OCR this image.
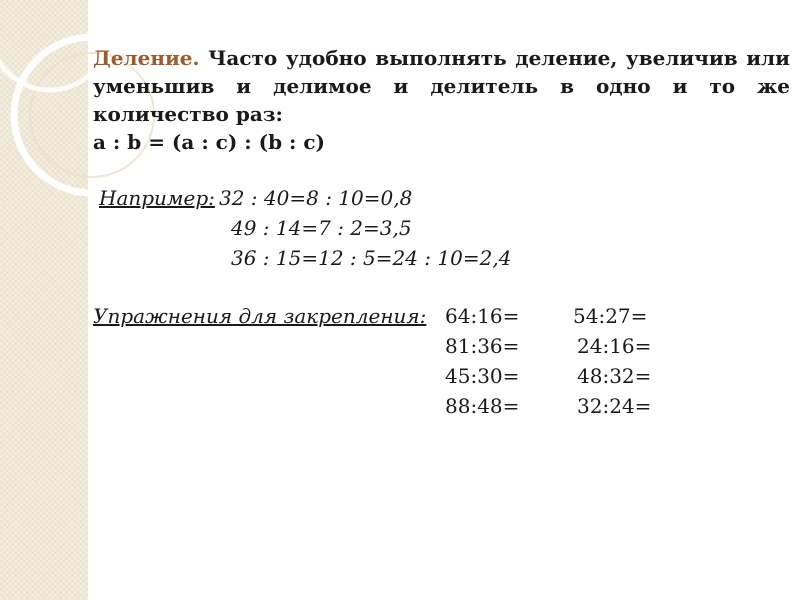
Деление. Часто удобно выполнять деление, увеличив или уменьшив и делимое и делитель в одно и то же количество раз:

a : b = (a : c) : (b : c)

Например: 32 : 40=8 : 10=0,8
49 : 14=7 : 2=3,5
36 : 15=12 : 5=24 : 10=2,4
Упражнения для закрепления: 64:16=	54:27=
81:36=	24:16=
45:30=	48:32=
88:48=	32:24=
